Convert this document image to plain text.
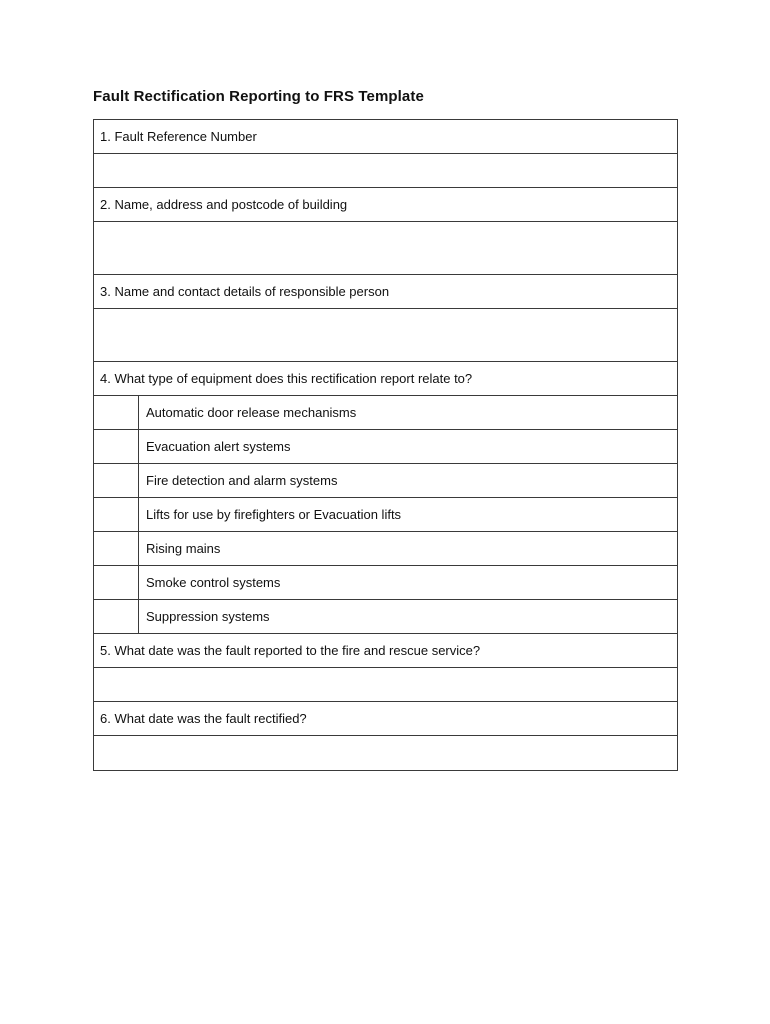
Fault Rectification Reporting to FRS Template
1. Fault Reference Number	

2. Name, address and postcode of building	

3. Name and contact details of responsible person	

4. What type of equipment does this rectification report relate to?	
	Automatic door release mechanisms
	Evacuation alert systems
	Fire detection and alarm systems
	Lifts for use by firefighters or Evacuation lifts
	Rising mains
	Smoke control systems
	Suppression systems
5. What date was the fault reported to the fire and rescue service?	

6. What date was the fault rectified?	
